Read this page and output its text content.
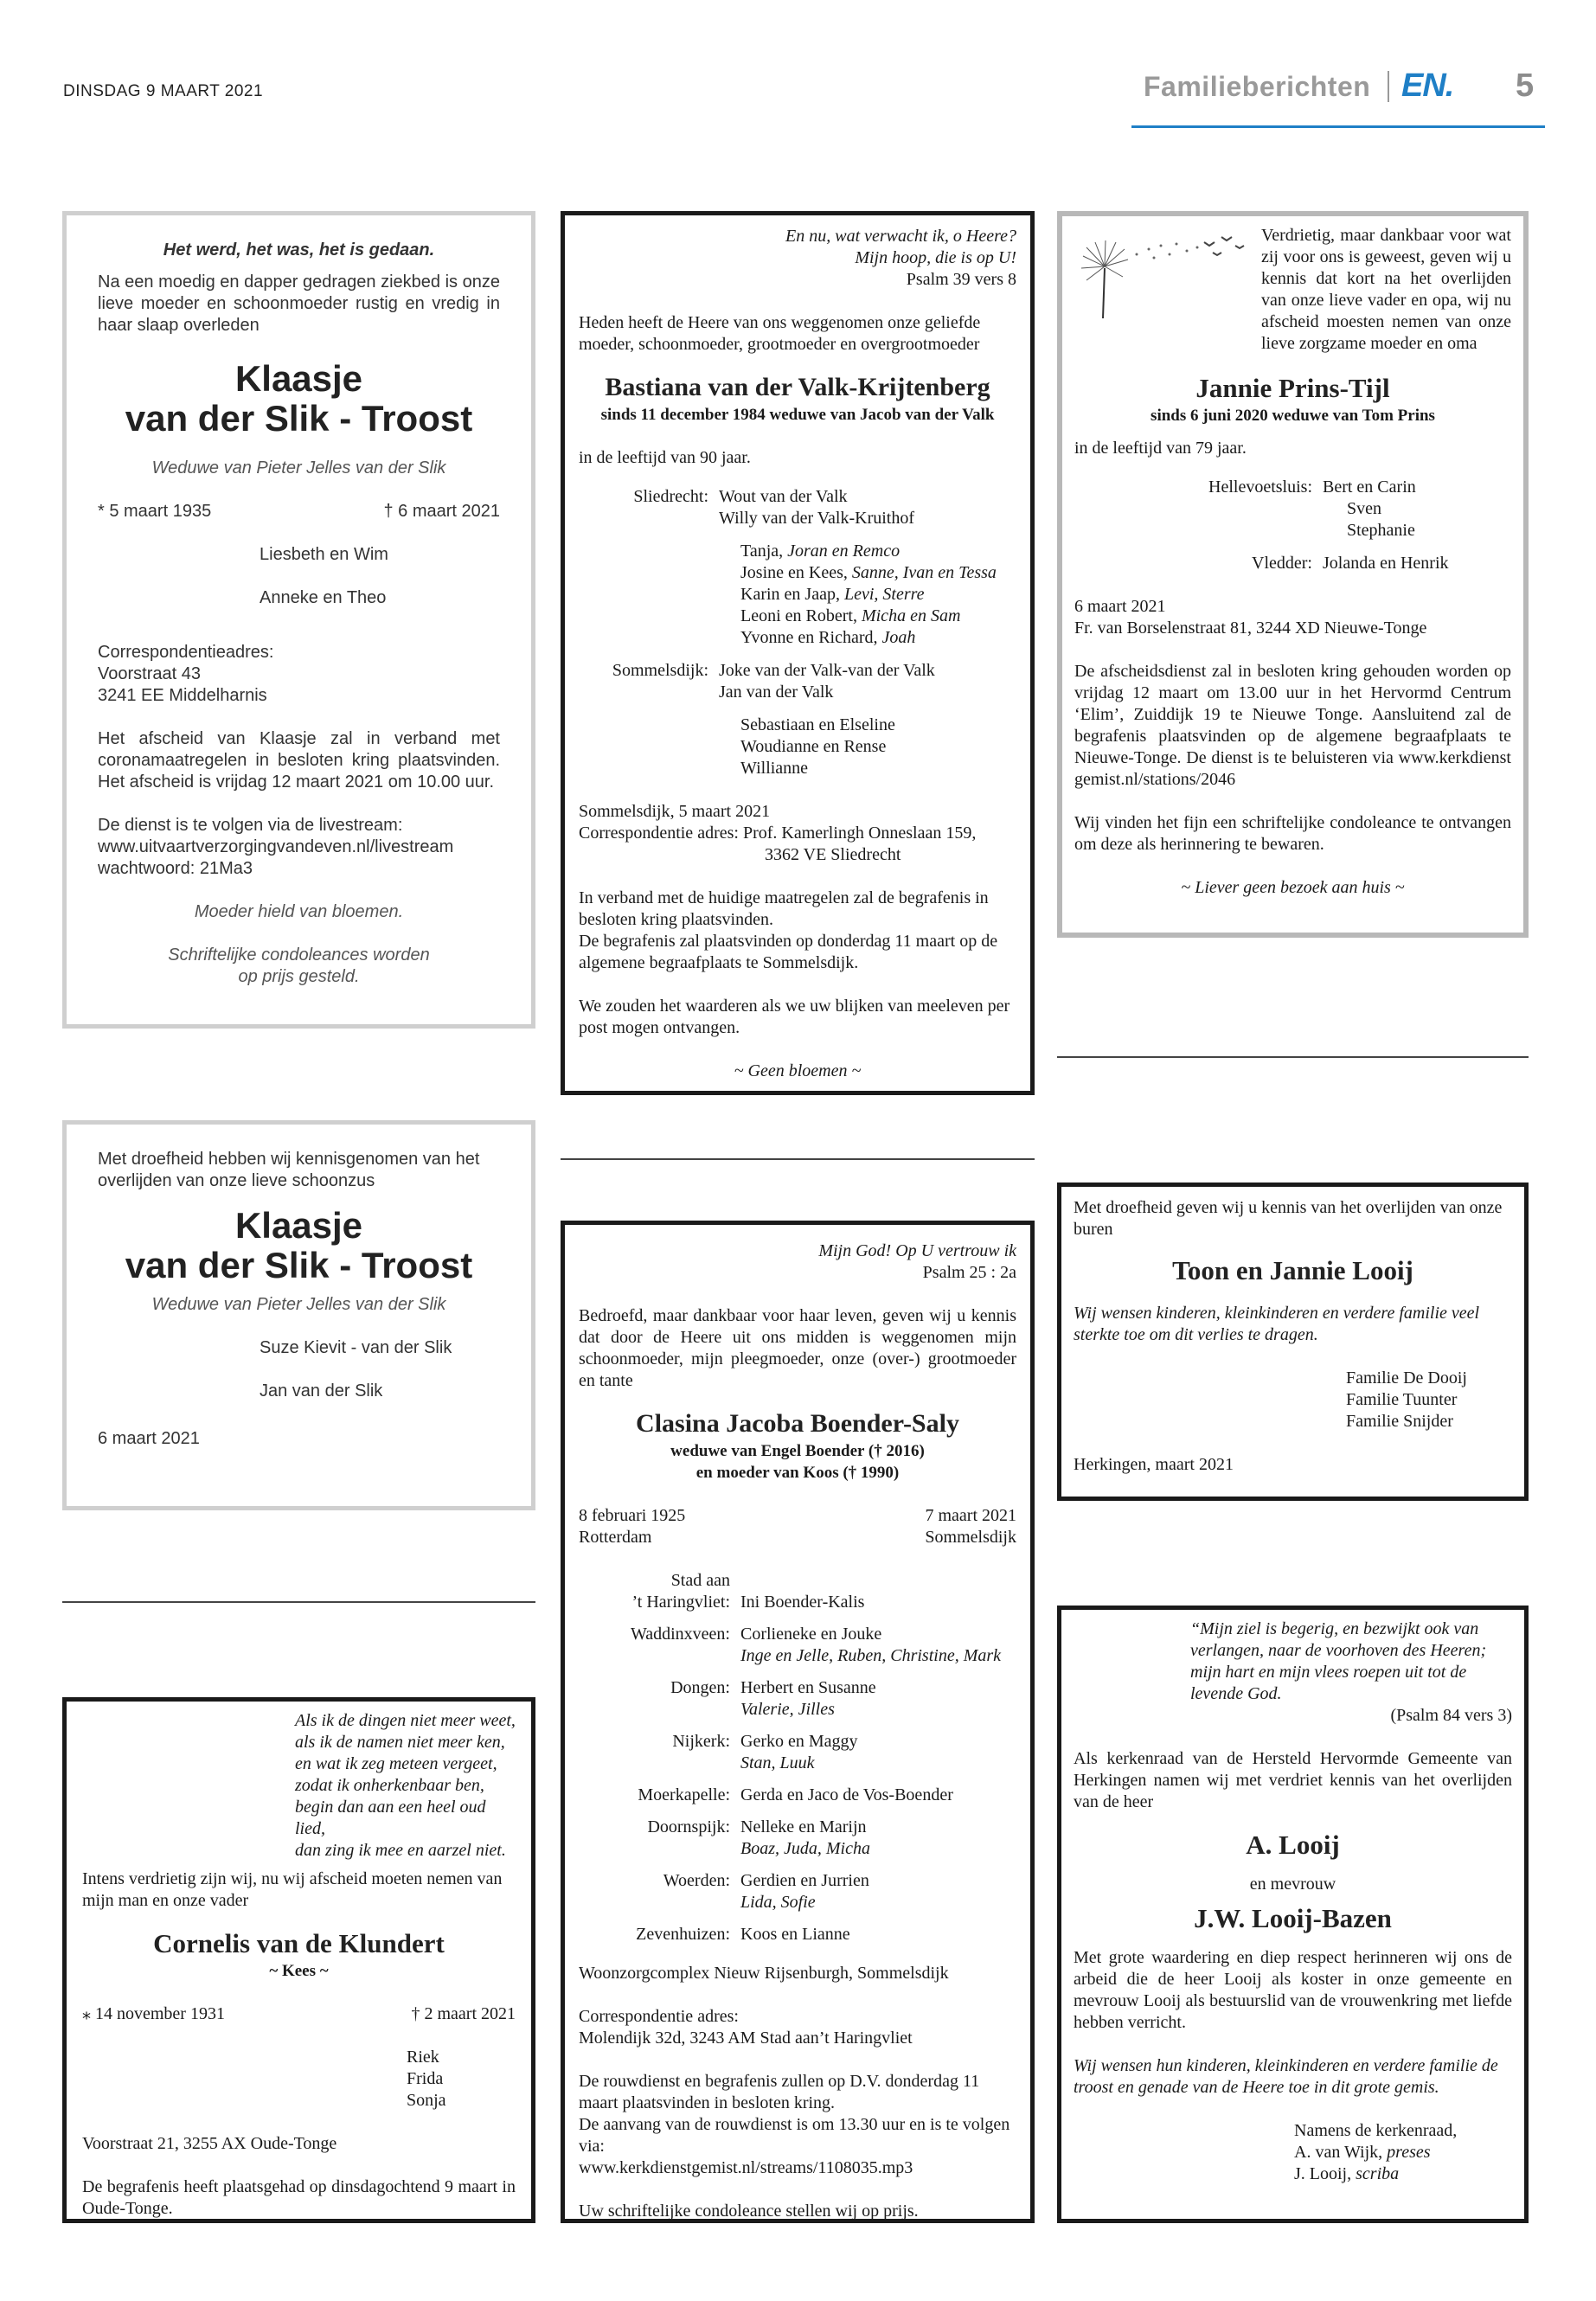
DINSDAG 9 MAART 2021	Familieberichten EN. 5

Het werd, het was, het is gedaan.

Na een moedig en dapper gedragen ziekbed is onze lieve moeder en schoonmoeder rustig en vredig in haar slaap overleden

Klaasje
van der Slik - Troost

Weduwe van Pieter Jelles van der Slik

* 5 maart 1935	† 6 maart 2021

Liesbeth en Wim

Anneke en Theo

Correspondentieadres:

Voorstraat 43

3241 EE Middelharnis

Het afscheid van Klaasje zal in verband met coronamaatregelen in besloten kring plaatsvinden. Het afscheid is vrijdag 12 maart 2021 om 10.00 uur.

De dienst is te volgen via de livestream:

www.uitvaartverzorgingvandeven.nl/livestream

wachtwoord: 21Ma3

Moeder hield van bloemen.

Schriftelijke condoleances worden

op prijs gesteld.

En nu, wat verwacht ik, o Heere?

Mijn hoop, die is op U!

Psalm 39 vers 8

Heden heeft de Heere van ons weggenomen onze geliefde moeder, schoonmoeder, grootmoeder en overgrootmoeder

Bastiana van der Valk-Krijtenberg

sinds 11 december 1984 weduwe van Jacob van der Valk

in de leeftijd van 90 jaar.

Sliedrecht: Wout van der Valk

Willy van der Valk-Kruithof

Tanja, Joran en Remco

Josine en Kees, Sanne, Ivan en Tessa

Karin en Jaap, Levi, Sterre

Leoni en Robert, Micha en Sam

Yvonne en Richard, Joah

Sommelsdijk: Joke van der Valk-van der Valk

Jan van der Valk

Sebastiaan en Elseline

Woudianne en Rense

Willianne

Sommelsdijk, 5 maart 2021

Correspondentie adres: Prof. Kamerlingh Onneslaan 159,

3362 VE Sliedrecht

In verband met de huidige maatregelen zal de begrafenis in besloten kring plaatsvinden.

De begrafenis zal plaatsvinden op donderdag 11 maart op de algemene begraafplaats te Sommelsdijk.

We zouden het waarderen als we uw blijken van meeleven per post mogen ontvangen.

~ Geen bloemen ~

Verdrietig, maar dankbaar voor wat zij voor ons is geweest, geven wij u kennis dat kort na het overlijden van onze lieve vader en opa, wij nu afscheid moesten nemen van onze lieve zorgzame moeder en oma

Jannie Prins-Tijl

sinds 6 juni 2020 weduwe van Tom Prins

in de leeftijd van 79 jaar.

Hellevoetsluis: Bert en Carin

Sven

Stephanie

Vledder: Jolanda en Henrik

6 maart 2021

Fr. van Borselenstraat 81, 3244 XD Nieuwe-Tonge

De afscheidsdienst zal in besloten kring gehouden worden op vrijdag 12 maart om 13.00 uur in het Hervormd Centrum ‘Elim’, Zuiddijk 19 te Nieuwe Tonge. Aansluitend zal de begrafenis plaatsvinden op de algemene begraafplaats te Nieuwe-Tonge. De dienst is te beluisteren via www.kerkdienst gemist.nl/stations/2046

Wij vinden het fijn een schriftelijke condoleance te ontvangen om deze als herinnering te bewaren.

~ Liever geen bezoek aan huis ~

Met droefheid hebben wij kennisgenomen van het overlijden van onze lieve schoonzus

Klaasje
van der Slik - Troost

Weduwe van Pieter Jelles van der Slik

Suze Kievit - van der Slik

Jan van der Slik

6 maart 2021

Mijn God! Op U vertrouw ik

Psalm 25 : 2a

Bedroefd, maar dankbaar voor haar leven, geven wij u kennis dat door de Heere uit ons midden is weggenomen mijn schoonmoeder, mijn pleegmoeder, onze (over-) grootmoeder en tante

Clasina Jacoba Boender-Saly

weduwe van Engel Boender († 2016)

en moeder van Koos († 1990)

8 februari 1925

Rotterdam

7 maart 2021

Sommelsdijk

Stad aan

’t Haringvliet: Ini Boender-Kalis
Waddinxveen: Corlieneke en Jouke

Inge en Jelle, Ruben, Christine, Mark

Dongen: Herbert en Susanne

Valerie, Jilles

Nijkerk: Gerko en Maggy

Stan, Luuk

Moerkapelle: Gerda en Jaco de Vos-Boender
Doornspijk: Nelleke en Marijn

Boaz, Juda, Micha

Woerden: Gerdien en Jurrien

Lida, Sofie

Zevenhuizen: Koos en Lianne

Woonzorgcomplex Nieuw Rijsenburgh, Sommelsdijk

Correspondentie adres:

Molendijk 32d, 3243 AM Stad aan’t Haringvliet

De rouwdienst en begrafenis zullen op D.V. donderdag 11 maart plaatsvinden in besloten kring.

De aanvang van de rouwdienst is om 13.30 uur en is te volgen via:

www.kerkdienstgemist.nl/streams/1108035.mp3

Uw schriftelijke condoleance stellen wij op prijs.

Met droefheid geven wij u kennis van het overlijden van onze buren

Toon en Jannie Looij

Wij wensen kinderen, kleinkinderen en verdere familie veel sterkte toe om dit verlies te dragen.

Familie De Dooij

Familie Tuunter

Familie Snijder

Herkingen, maart 2021

Als ik de dingen niet meer weet,
als ik de namen niet meer ken,
en wat ik zeg meteen vergeet,
zodat ik onherkenbaar ben,
begin dan aan een heel oud lied,
dan zing ik mee en aarzel niet.

Intens verdrietig zijn wij, nu wij afscheid moeten nemen van mijn man en onze vader

Cornelis van de Klundert

~ Kees ~

⁎ 14 november 1931	† 2 maart 2021

Riek

Frida

Sonja

Voorstraat 21, 3255 AX Oude-Tonge

De begrafenis heeft plaatsgehad op dinsdagochtend 9 maart in Oude-Tonge.

“Mijn ziel is begerig, en bezwijkt ook van verlangen, naar de voorhoven des Heeren; mijn hart en mijn vlees roepen uit tot de levende God.

(Psalm 84 vers 3)

Als kerkenraad van de Hersteld Hervormde Gemeente van Herkingen namen wij met verdriet kennis van het overlijden van de heer

A. Looij

en mevrouw

J.W. Looij-Bazen

Met grote waardering en diep respect herinneren wij ons de arbeid die de heer Looij als koster in onze gemeente en mevrouw Looij als bestuurslid van de vrouwenkring met liefde hebben verricht.

Wij wensen hun kinderen, kleinkinderen en verdere familie de troost en genade van de Heere toe in dit grote gemis.

Namens de kerkenraad,

A. van Wijk, preses

J. Looij, scriba
